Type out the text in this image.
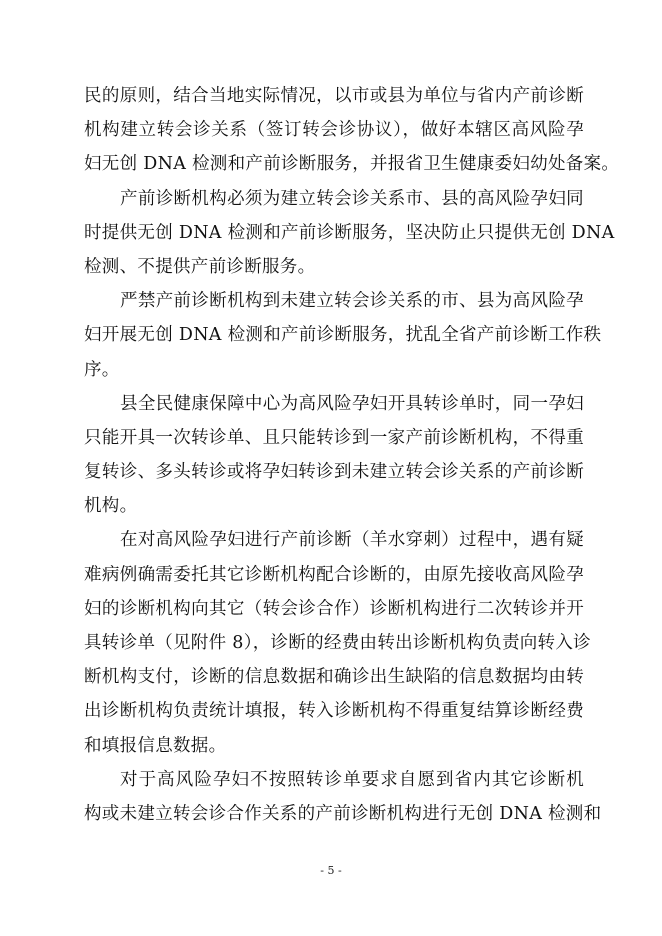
民的原则，结合当地实际情况，以市或县为单位与省内产前诊断
机构建立转会诊关系（签订转会诊协议），做好本辖区高风险孕
妇无创 DNA 检测和产前诊断服务，并报省卫生健康委妇幼处备案。
产前诊断机构必须为建立转会诊关系市、县的高风险孕妇同
时提供无创 DNA 检测和产前诊断服务，坚决防止只提供无创 DNA
检测、不提供产前诊断服务。
严禁产前诊断机构到未建立转会诊关系的市、县为高风险孕
妇开展无创 DNA 检测和产前诊断服务，扰乱全省产前诊断工作秩
序。
县全民健康保障中心为高风险孕妇开具转诊单时，同一孕妇
只能开具一次转诊单、且只能转诊到一家产前诊断机构，不得重
复转诊、多头转诊或将孕妇转诊到未建立转会诊关系的产前诊断
机构。
在对高风险孕妇进行产前诊断（羊水穿刺）过程中，遇有疑
难病例确需委托其它诊断机构配合诊断的，由原先接收高风险孕
妇的诊断机构向其它（转会诊合作）诊断机构进行二次转诊并开
具转诊单（见附件 8），诊断的经费由转出诊断机构负责向转入诊
断机构支付，诊断的信息数据和确诊出生缺陷的信息数据均由转
出诊断机构负责统计填报，转入诊断机构不得重复结算诊断经费
和填报信息数据。
对于高风险孕妇不按照转诊单要求自愿到省内其它诊断机
构或未建立转会诊合作关系的产前诊断机构进行无创 DNA 检测和
- 5 -
